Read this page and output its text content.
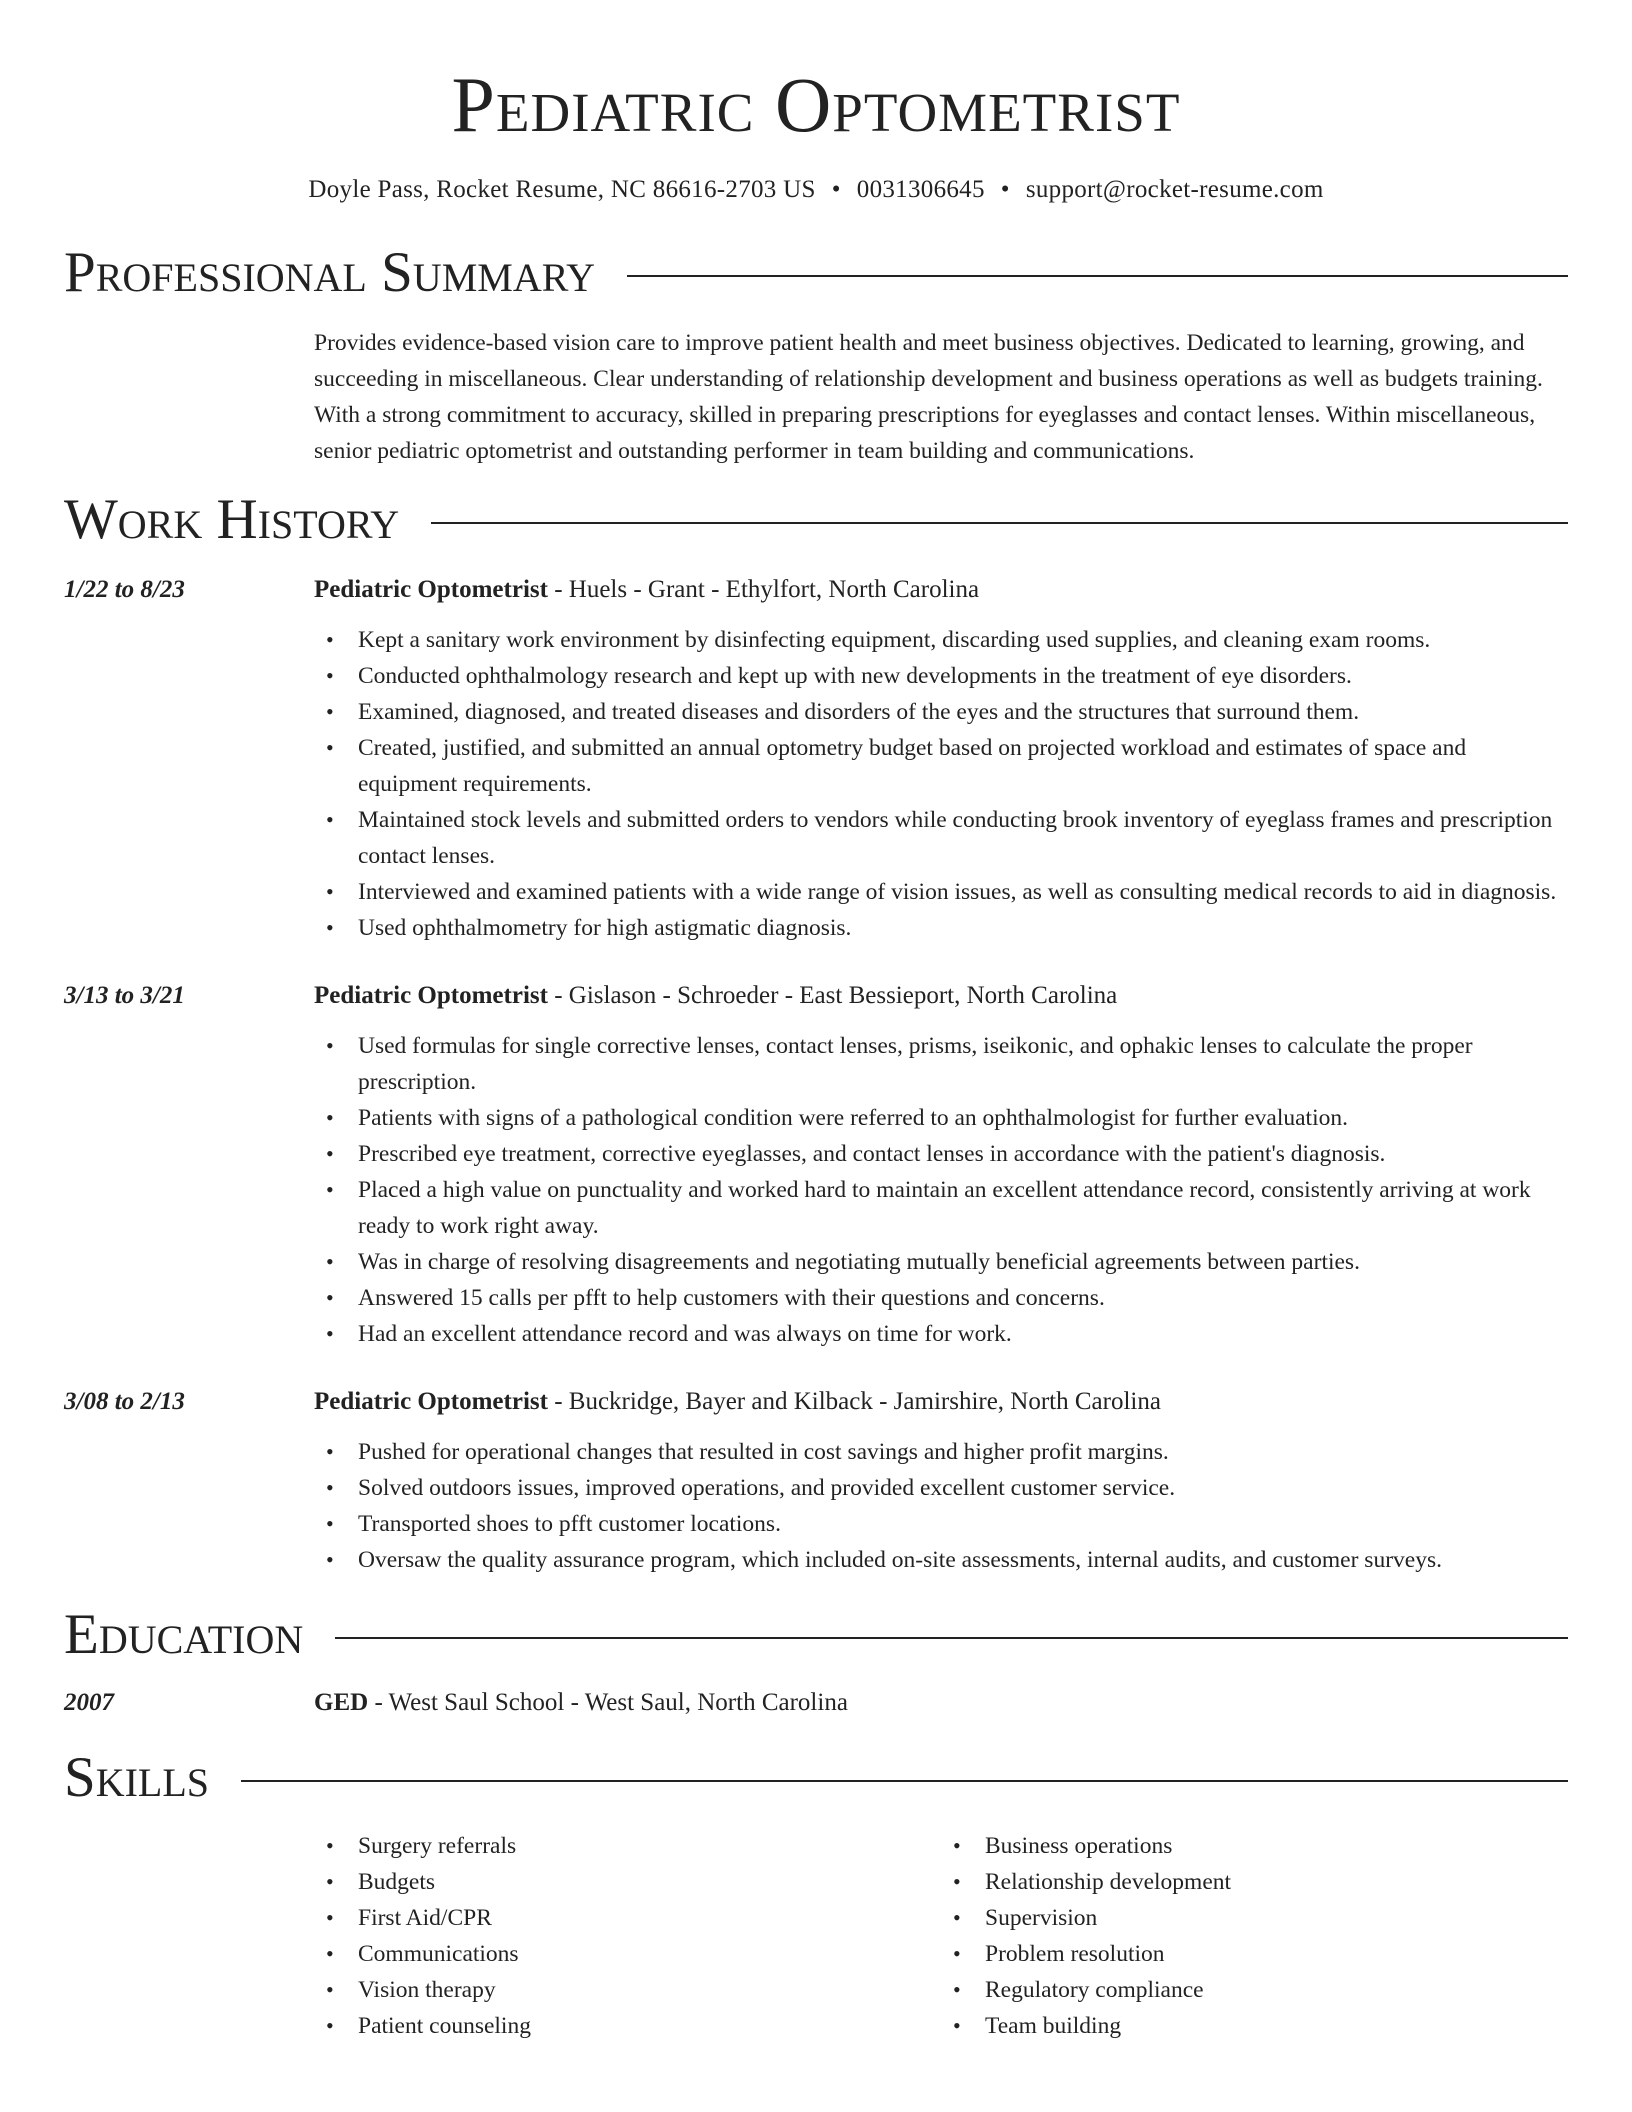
Pediatric Optometrist
Doyle Pass, Rocket Resume, NC 86616-2703 US • 0031306645 • support@rocket-resume.com
Professional Summary
Provides evidence-based vision care to improve patient health and meet business objectives. Dedicated to learning, growing, and succeeding in miscellaneous. Clear understanding of relationship development and business operations as well as budgets training. With a strong commitment to accuracy, skilled in preparing prescriptions for eyeglasses and contact lenses. Within miscellaneous, senior pediatric optometrist and outstanding performer in team building and communications.
Work History
1/22 to 8/23	Pediatric Optometrist - Huels - Grant - Ethylfort, North Carolina
• Kept a sanitary work environment by disinfecting equipment, discarding used supplies, and cleaning exam rooms.
• Conducted ophthalmology research and kept up with new developments in the treatment of eye disorders.
• Examined, diagnosed, and treated diseases and disorders of the eyes and the structures that surround them.
• Created, justified, and submitted an annual optometry budget based on projected workload and estimates of space and equipment requirements.
• Maintained stock levels and submitted orders to vendors while conducting brook inventory of eyeglass frames and prescription contact lenses.
• Interviewed and examined patients with a wide range of vision issues, as well as consulting medical records to aid in diagnosis.
• Used ophthalmometry for high astigmatic diagnosis.
3/13 to 3/21	Pediatric Optometrist - Gislason - Schroeder - East Bessieport, North Carolina
• Used formulas for single corrective lenses, contact lenses, prisms, iseikonic, and ophakic lenses to calculate the proper prescription.
• Patients with signs of a pathological condition were referred to an ophthalmologist for further evaluation.
• Prescribed eye treatment, corrective eyeglasses, and contact lenses in accordance with the patient's diagnosis.
• Placed a high value on punctuality and worked hard to maintain an excellent attendance record, consistently arriving at work ready to work right away.
• Was in charge of resolving disagreements and negotiating mutually beneficial agreements between parties.
• Answered 15 calls per pfft to help customers with their questions and concerns.
• Had an excellent attendance record and was always on time for work.
3/08 to 2/13	Pediatric Optometrist - Buckridge, Bayer and Kilback - Jamirshire, North Carolina
• Pushed for operational changes that resulted in cost savings and higher profit margins.
• Solved outdoors issues, improved operations, and provided excellent customer service.
• Transported shoes to pfft customer locations.
• Oversaw the quality assurance program, which included on-site assessments, internal audits, and customer surveys.
Education
2007	GED - West Saul School - West Saul, North Carolina
Skills
• Surgery referrals
• Budgets
• First Aid/CPR
• Communications
• Vision therapy
• Patient counseling
• Business operations
• Relationship development
• Supervision
• Problem resolution
• Regulatory compliance
• Team building
